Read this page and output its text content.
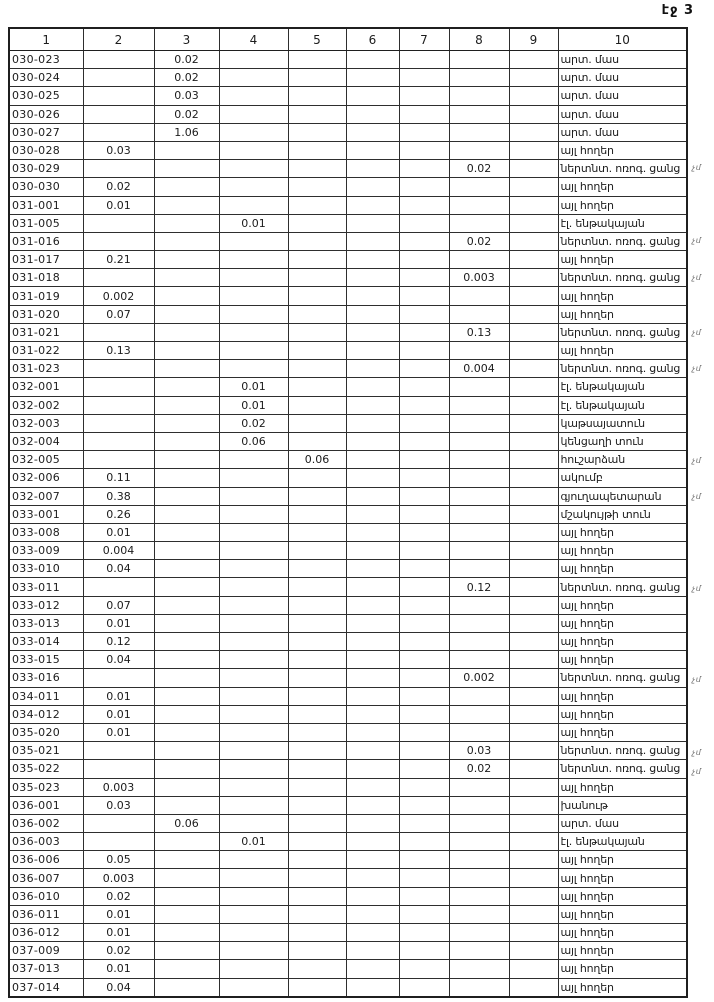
էջ 3
1	2	3	4	5	6	7	8	9	10
030-023		0.02							արտ. մաս
030-024		0.02							արտ. մաս
030-025		0.03							արտ. մաս
030-026		0.02							արտ. մաս
030-027		1.06							արտ. մաս
030-028	0.03								այլ հողեր
030-029							0.02		ներտնտ. ոռոգ. ցանց
030-030	0.02								այլ հողեր
031-001	0.01								այլ հողեր
031-005			0.01						էլ. ենթակայան
031-016							0.02		ներտնտ. ոռոգ. ցանց
031-017	0.21								այլ հողեր
031-018							0.003		ներտնտ. ոռոգ. ցանց
031-019	0.002								այլ հողեր
031-020	0.07								այլ հողեր
031-021							0.13		ներտնտ. ոռոգ. ցանց
031-022	0.13								այլ հողեր
031-023							0.004		ներտնտ. ոռոգ. ցանց
032-001			0.01						էլ. ենթակայան
032-002			0.01						էլ. ենթակայան
032-003			0.02						կաթսայատուն
032-004			0.06						կենցաղի տուն
032-005				0.06					հուշարձան
032-006	0.11								ակումբ
032-007	0.38								գյուղապետարան
033-001	0.26								մշակույթի տուն
033-008	0.01								այլ հողեր
033-009	0.004								այլ հողեր
033-010	0.04								այլ հողեր
033-011							0.12		ներտնտ. ոռոգ. ցանց
033-012	0.07								այլ հողեր
033-013	0.01								այլ հողեր
033-014	0.12								այլ հողեր
033-015	0.04								այլ հողեր
033-016							0.002		ներտնտ. ոռոգ. ցանց
034-011	0.01								այլ հողեր
034-012	0.01								այլ հողեր
035-020	0.01								այլ հողեր
035-021							0.03		ներտնտ. ոռոգ. ցանց
035-022							0.02		ներտնտ. ոռոգ. ցանց
035-023	0.003								այլ հողեր
036-001	0.03								խանութ
036-002		0.06							արտ. մաս
036-003			0.01						էլ. ենթակայան
036-006	0.05								այլ հողեր
036-007	0.003								այլ հողեր
036-010	0.02								այլ հողեր
036-011	0.01								այլ հողեր
036-012	0.01								այլ հողեր
037-009	0.02								այլ հողեր
037-013	0.01								այլ հողեր
037-014	0.04								այլ հողեր
չմ
չմ
չմ
չմ
չմ
չմ
չմ
չմ
չմ
չմ
չմ
